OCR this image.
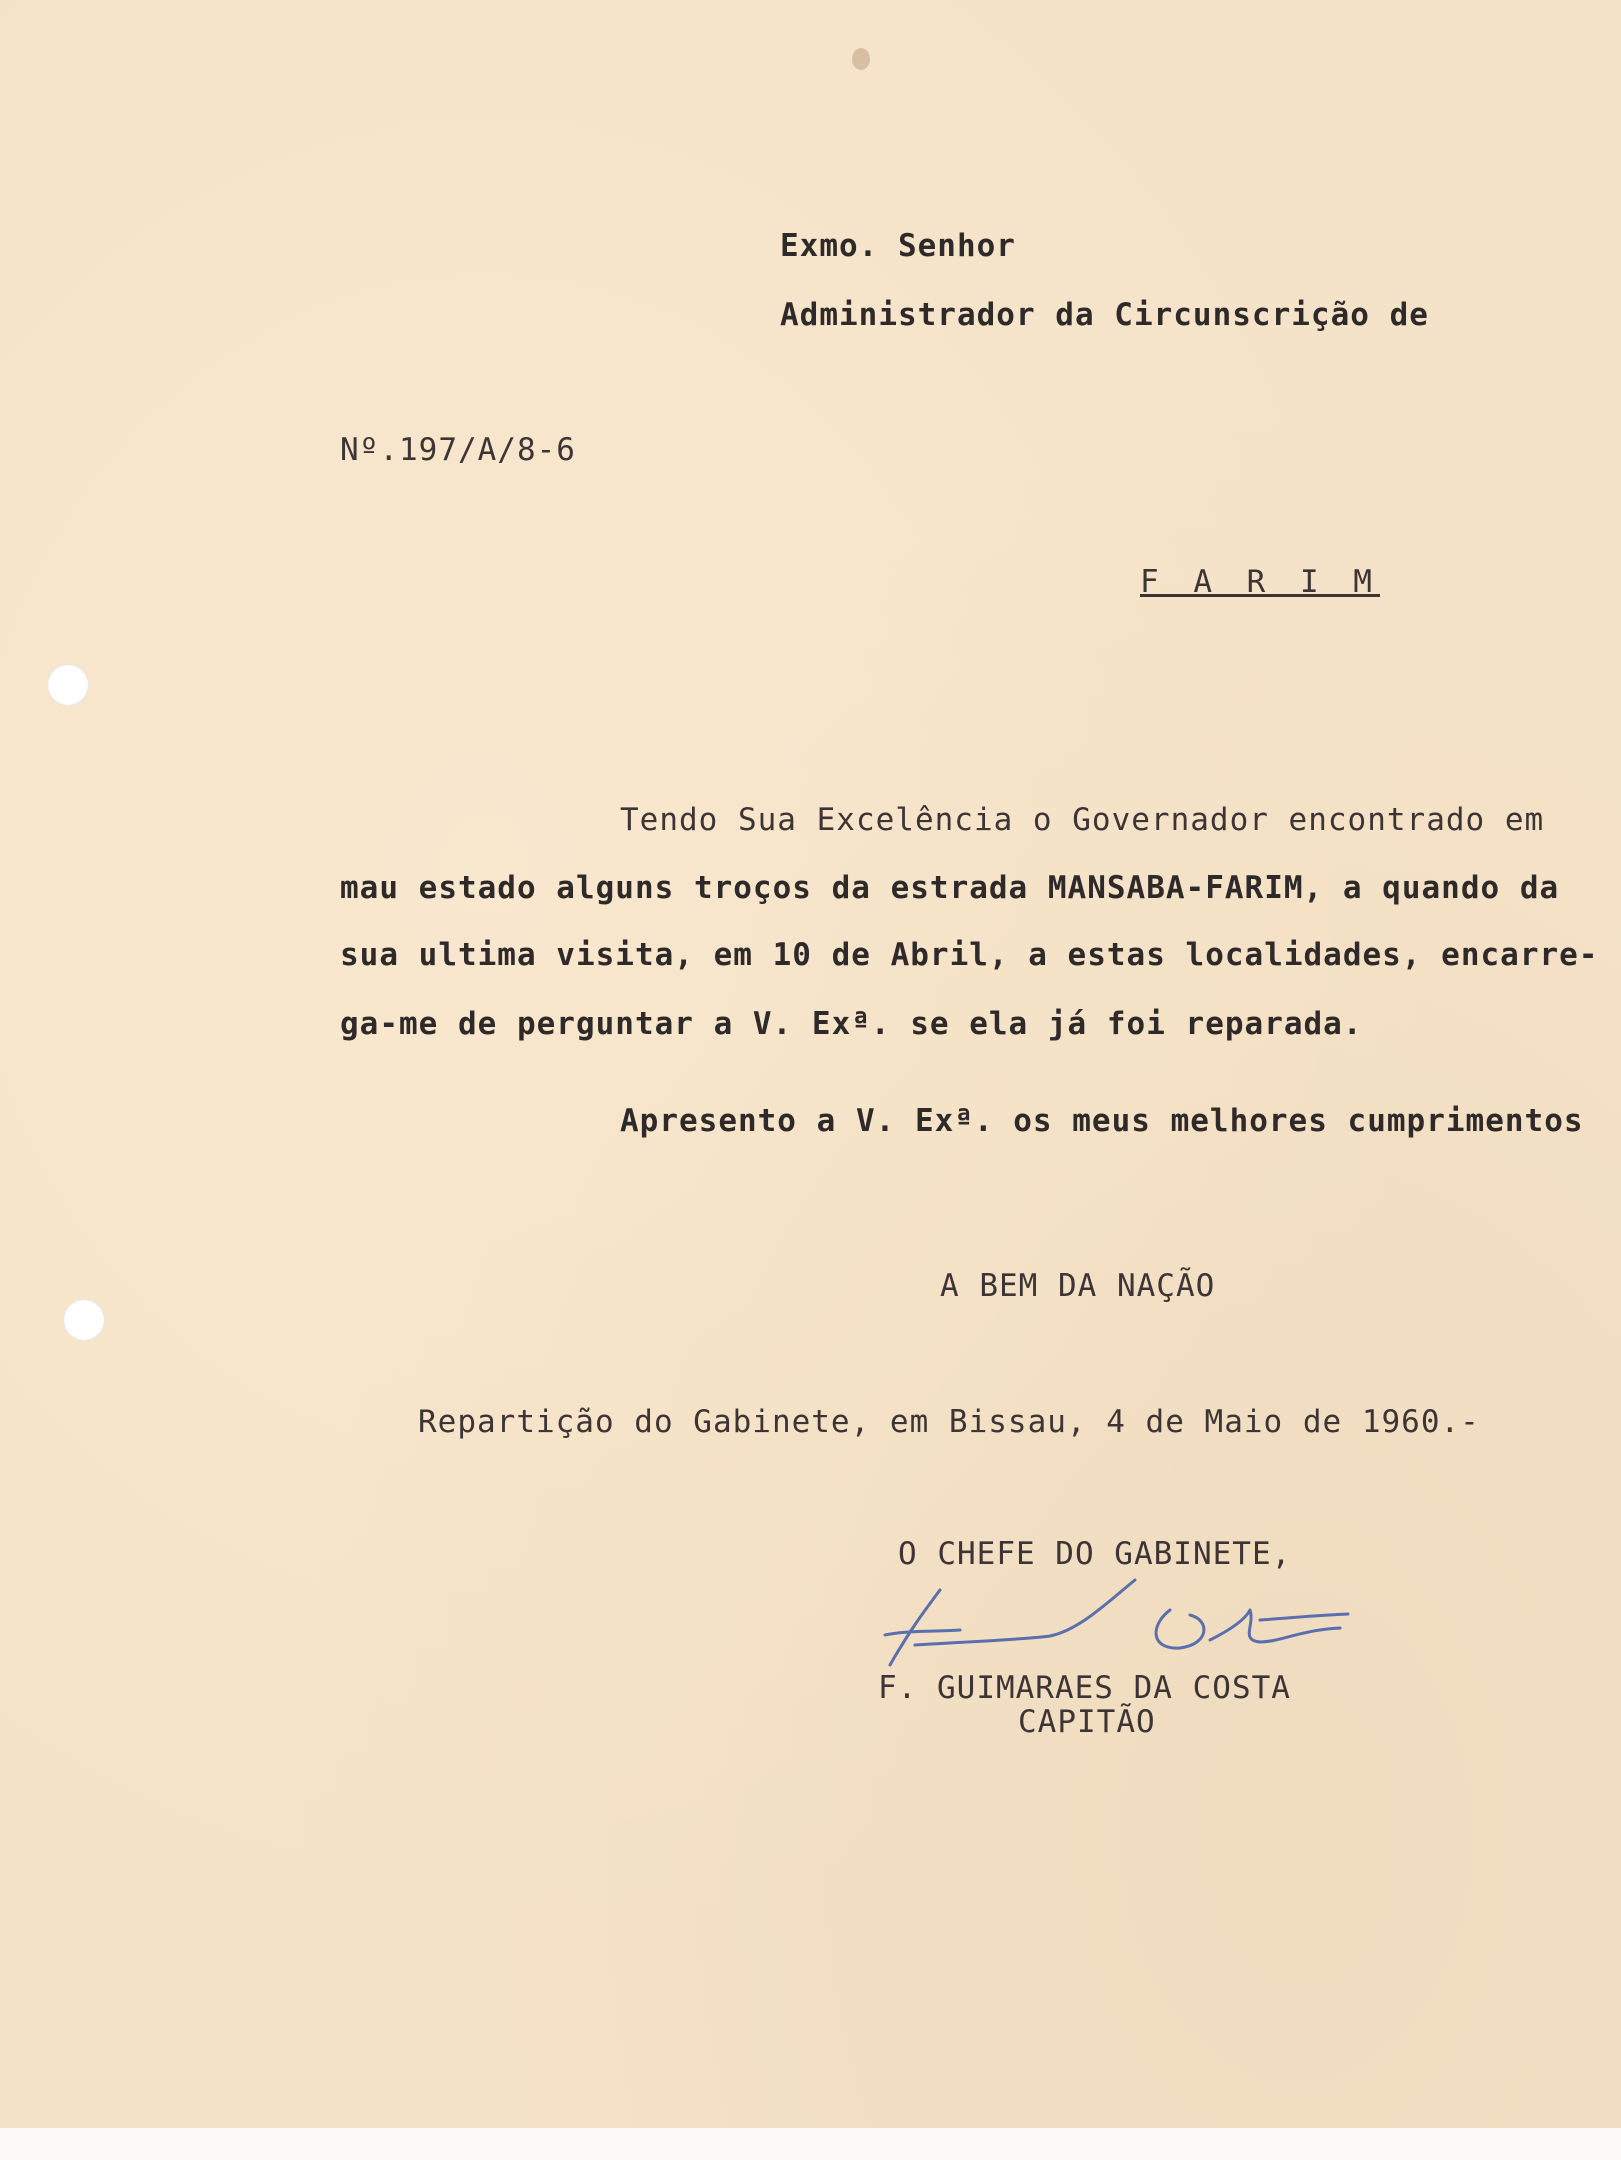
Exmo. Senhor
Administrador da Circunscrição de
Nº.197/A/8-6
F A R I M
Tendo Sua Excelência o Governador encontrado em
mau estado alguns troços da estrada MANSABA-FARIM, a quando da
sua ultima visita, em 10 de Abril, a estas localidades, encarre-
ga-me de perguntar a V. Exª. se ela já foi reparada.
Apresento a V. Exª. os meus melhores cumprimentos
A BEM DA NAÇÃO
Repartição do Gabinete, em Bissau, 4 de Maio de 1960.-
O CHEFE DO GABINETE,
F. GUIMARAES DA COSTA
CAPITÃO
